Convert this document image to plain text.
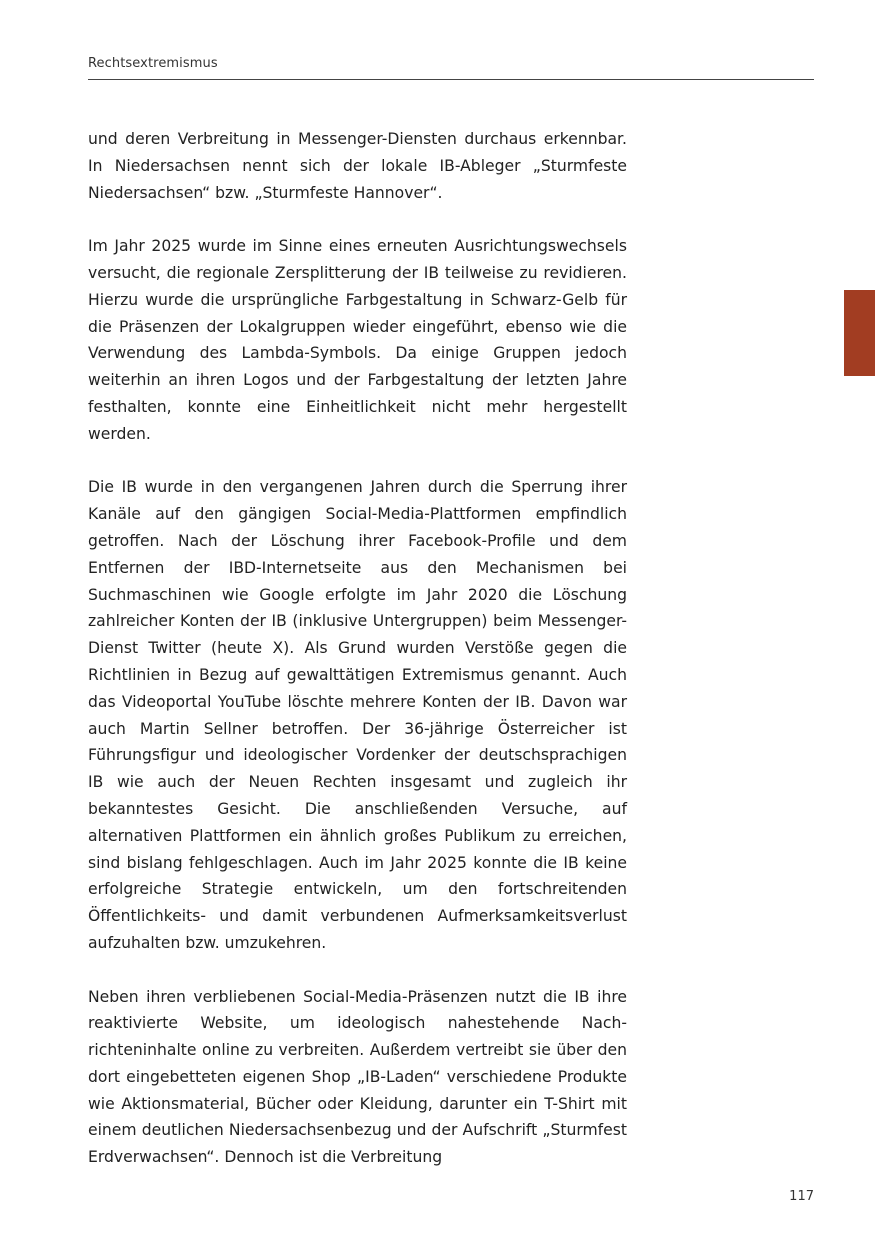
Rechtsextremismus

und deren Verbreitung in Messenger-Diensten durchaus erkennbar. In Niedersachsen nennt sich der lokale IB-Ableger „Sturmfeste Niedersachsen“ bzw. „Sturmfeste Hannover“.

Im Jahr 2025 wurde im Sinne eines erneuten Ausrichtungswechsels versucht, die regionale Zersplitterung der IB teilweise zu revidieren. Hierzu wurde die ursprüngliche Farbgestaltung in Schwarz-Gelb für die Präsenzen der Lokalgruppen wieder eingeführt, ebenso wie die Verwendung des Lambda-Symbols. Da einige Gruppen jedoch weiterhin an ihren Logos und der Farbgestaltung der letzten Jahre festhalten, konnte eine Einheitlichkeit nicht mehr hergestellt werden.

Die IB wurde in den vergangenen Jahren durch die Sperrung ihrer Kanäle auf den gängigen Social-Media-Plattformen empfindlich getroffen. Nach der Löschung ihrer Facebook-Profile und dem Entfernen der IBD-Internetseite aus den Mechanismen bei Suchmaschinen wie Google erfolgte im Jahr 2020 die Löschung zahlreicher Konten der IB (inklusive Untergruppen) beim Messenger-Dienst Twitter (heute X). Als Grund wurden Verstöße gegen die Richtlinien in Bezug auf gewalttätigen Extremismus genannt. Auch das Videoportal YouTube löschte mehrere Konten der IB. Davon war auch Martin Sellner betroffen. Der 36-jährige Österreicher ist Führungsfigur und ideologischer Vordenker der deutschsprachigen IB wie auch der Neuen Rechten insgesamt und zugleich ihr bekanntestes Gesicht. Die anschließenden Versuche, auf alternativen Plattformen ein ähnlich großes Publikum zu erreichen, sind bislang fehlgeschlagen. Auch im Jahr 2025 konnte die IB keine erfolgreiche Strategie entwickeln, um den fortschreitenden Öffentlichkeits- und damit verbundenen Aufmerksamkeitsverlust aufzuhalten bzw. umzukehren.

Neben ihren verbliebenen Social-Media-Präsenzen nutzt die IB ihre reaktivierte Website, um ideologisch nahestehende Nachrichteninhalte online zu verbreiten. Außerdem vertreibt sie über den dort eingebetteten eigenen Shop „IB-Laden“ verschiedene Produkte wie Aktionsmaterial, Bücher oder Kleidung, darunter ein T-Shirt mit einem deutlichen Niedersachsenbezug und der Aufschrift „Sturmfest Erdverwachsen“. Dennoch ist die Verbreitung

117
